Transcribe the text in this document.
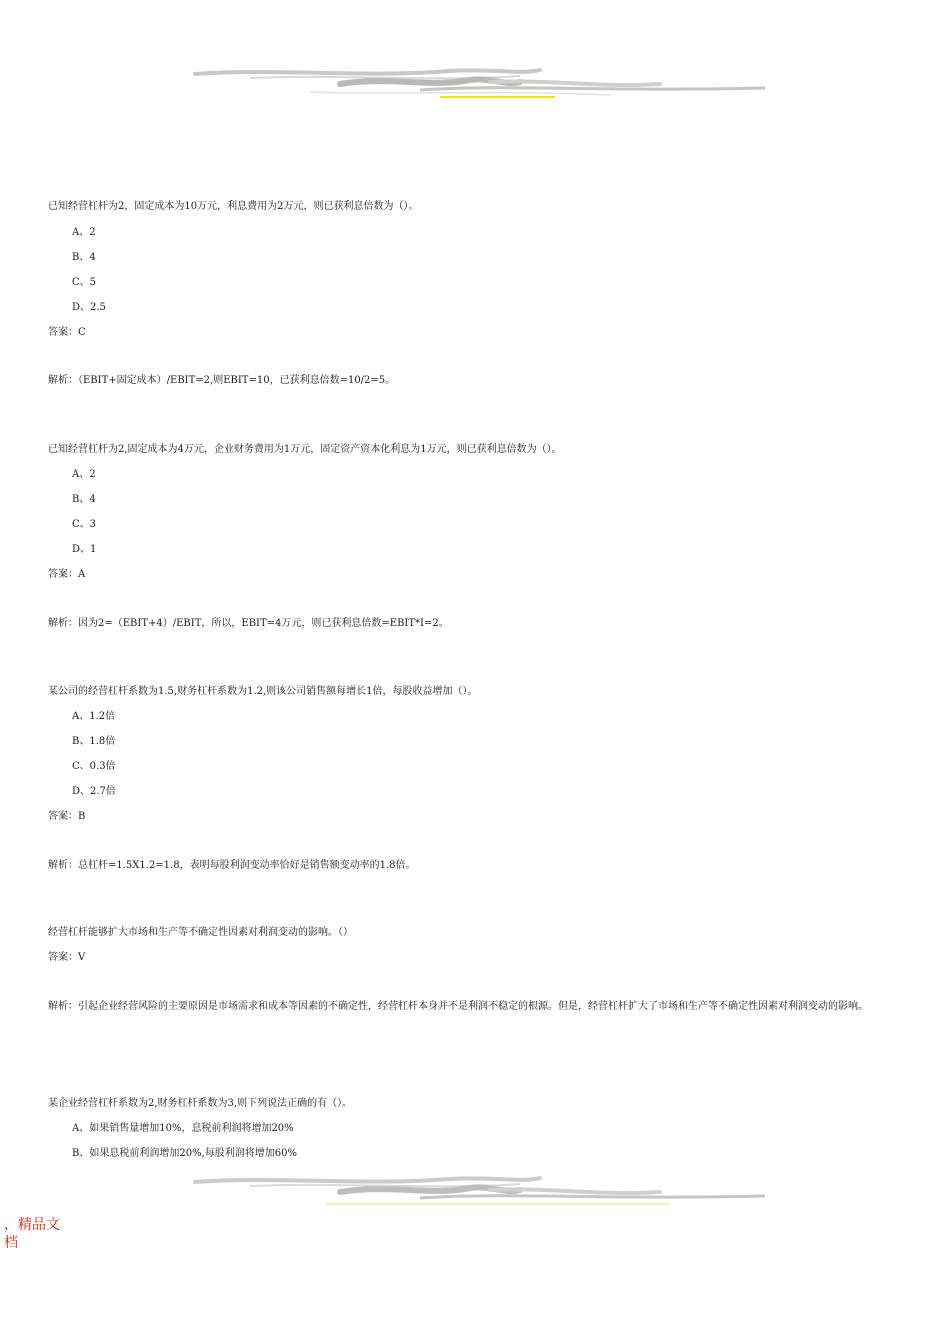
已知经营杠杆为2，固定成本为10万元，利息费用为2万元，则已获利息倍数为（）。
A、2
B、4
C、5
D、2.5
答案：C
解析：（EBIT+固定成本）/EBIT=2,则EBIT=10，已获利息倍数=10/2=5。
已知经营杠杆为2,固定成本为4万元，企业财务费用为1万元，固定资产资本化利息为1万元，则已获利息倍数为（）。
A、2
B、4
C、3
D、1
答案：A
解析：因为2=（EBIT+4）/EBIT，所以，EBIT=4万元，则已获利息倍数=EBIT*I=2。
某公司的经营杠杆系数为1.5,财务杠杆系数为1.2,则该公司销售额每增长1倍，每股收益增加（）。
A、1.2倍
B、1.8倍
C、0.3倍
D、2.7倍
答案：B
解析：总杠杆=1.5X1.2=1.8，表明每股利润变动率恰好是销售额变动率的1.8倍。
经营杠杆能够扩大市场和生产等不确定性因素对利润变动的影响。（）
答案：V
解析：引起企业经营风险的主要原因是市场需求和成本等因素的不确定性，经营杠杆本身并不是利润不稳定的根源。但是，经营杠杆扩大了市场和生产等不确定性因素对利润变动的影响。
某企业经营杠杆系数为2,财务杠杆系数为3,则下列说法正确的有（）。
A、如果销售量增加10%，息税前利润将增加20%
B、如果息税前利润增加20%,每股利润将增加60%
，精品文档
